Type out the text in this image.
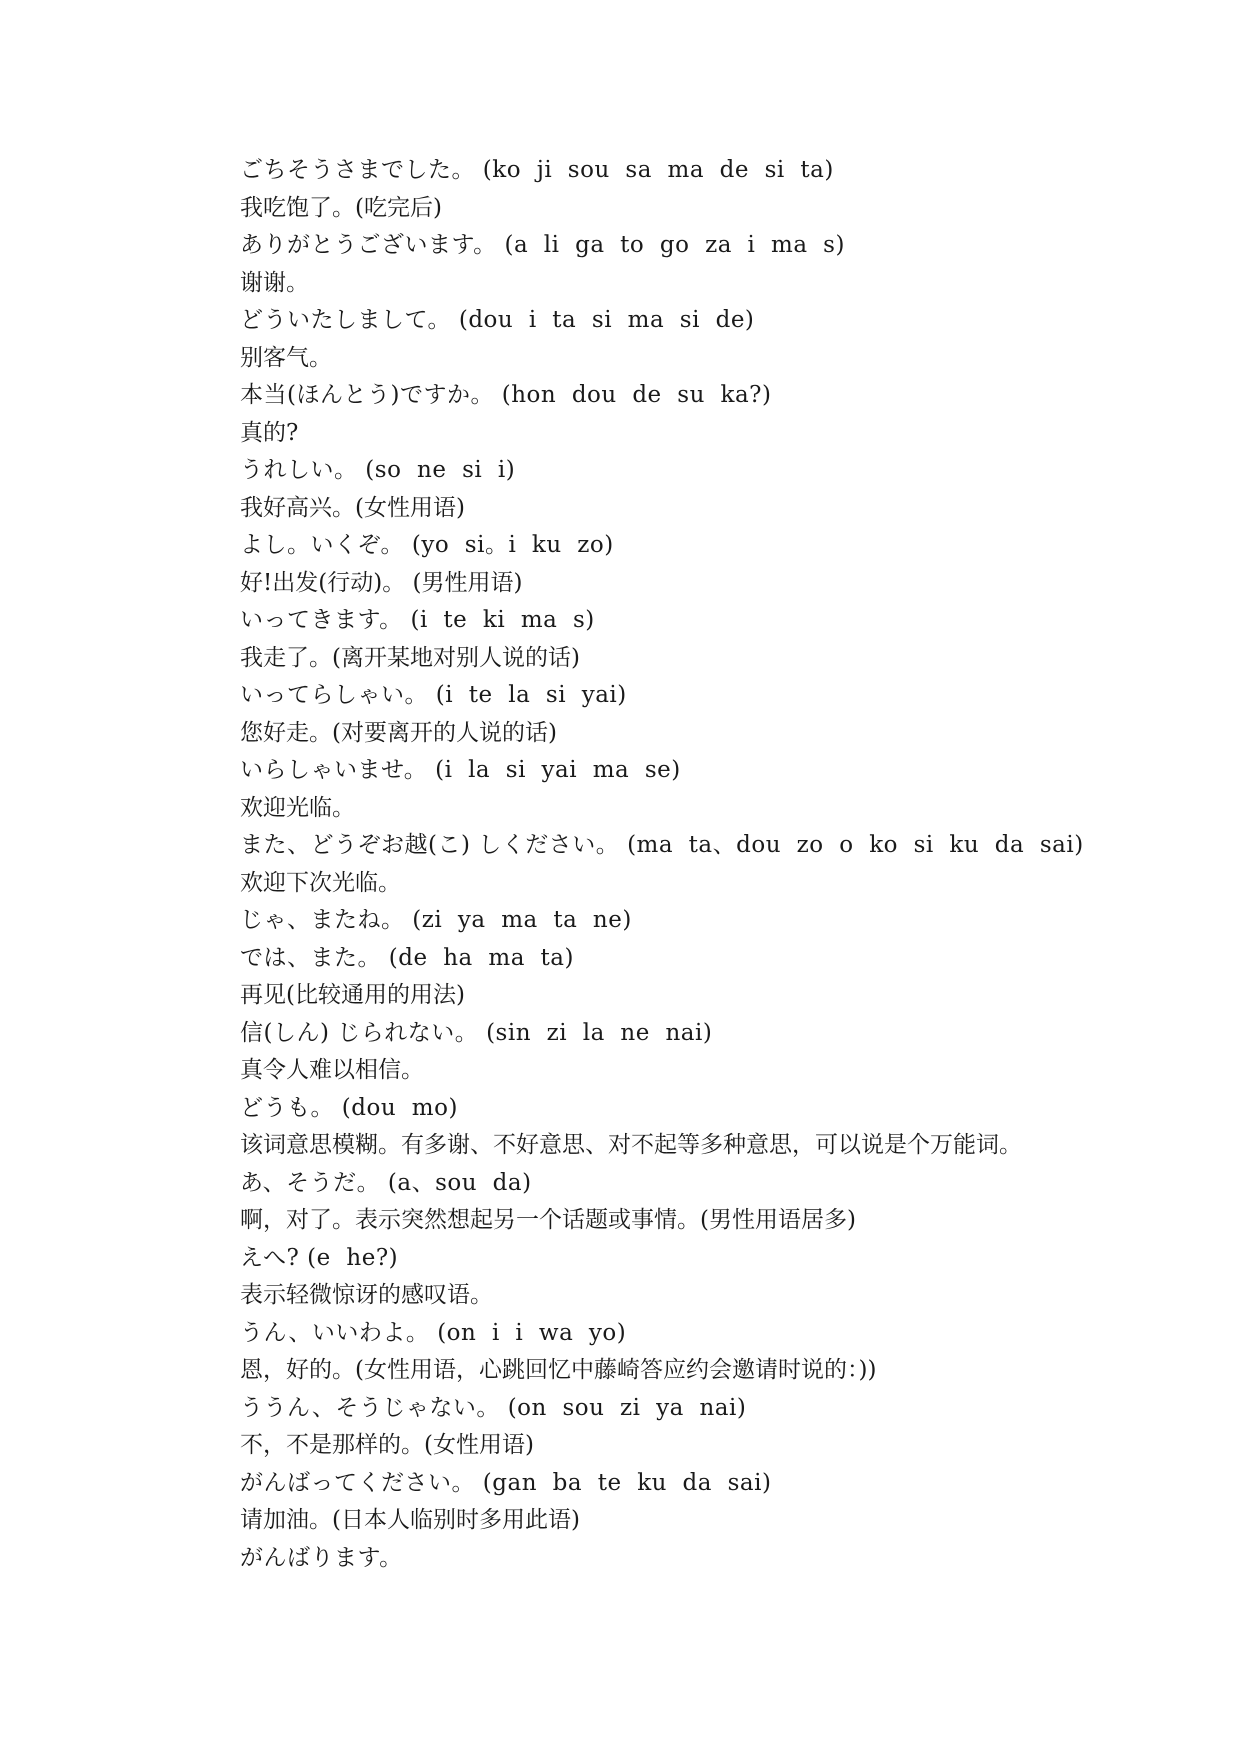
ごちそうさまでした。 (ko  ji  sou  sa  ma  de  si  ta)
我吃饱了。(吃完后)
ありがとうございます。 (a  li  ga  to  go  za  i  ma  s)
谢谢。
どういたしまして。 (dou  i  ta  si  ma  si  de)
别客气。
本当(ほんとう)ですか。 (hon  dou  de  su  ka?)
真的?
うれしい。 (so  ne  si  i)
我好高兴。(女性用语)
よし。いくぞ。 (yo  si。i  ku  zo)
好!出发(行动)。 (男性用语)
いってきます。 (i  te  ki  ma  s)
我走了。(离开某地对别人说的话)
いってらしゃい。 (i  te  la  si  yai)
您好走。(对要离开的人说的话)
いらしゃいませ。 (i  la  si  yai  ma  se)
欢迎光临。
また、どうぞお越(こ) しください。 (ma  ta、dou  zo  o  ko  si  ku  da  sai)
欢迎下次光临。
じゃ、またね。 (zi  ya  ma  ta  ne)
では、また。 (de  ha  ma  ta)
再见(比较通用的用法)
信(しん) じられない。 (sin  zi  la  ne  nai)
真令人难以相信。
どうも。 (dou  mo)
该词意思模糊。有多谢、不好意思、对不起等多种意思，可以说是个万能词。
あ、そうだ。 (a、sou  da)
啊，对了。表示突然想起另一个话题或事情。(男性用语居多)
えへ? (e  he?)
表示轻微惊讶的感叹语。
うん、いいわよ。 (on  i  i  wa  yo)
恩，好的。(女性用语，心跳回忆中藤崎答应约会邀请时说的：))
ううん、そうじゃない。 (on  sou  zi  ya  nai)
不，不是那样的。(女性用语)
がんばってください。 (gan  ba  te  ku  da  sai)
请加油。(日本人临别时多用此语)
がんばります。
